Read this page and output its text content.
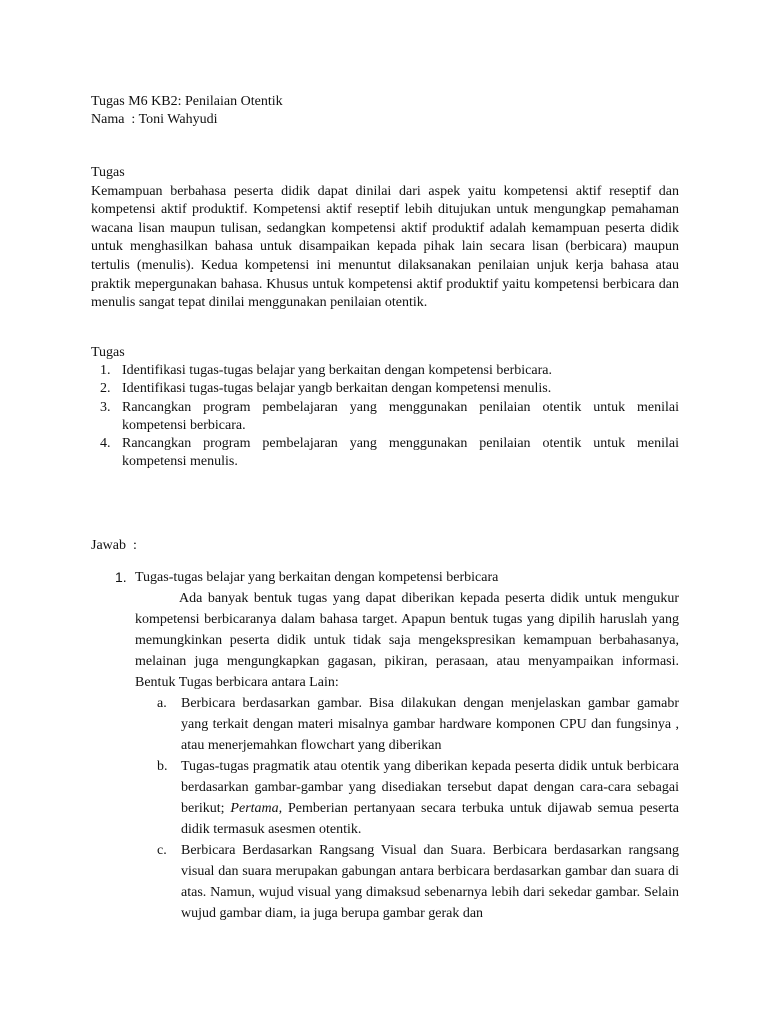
Tugas M6 KB2: Penilaian Otentik
Nama  : Toni Wahyudi
Tugas

Kemampuan berbahasa peserta didik dapat dinilai dari aspek yaitu kompetensi aktif reseptif dan kompetensi aktif produktif. Kompetensi aktif reseptif lebih ditujukan untuk mengungkap pemahaman wacana lisan maupun tulisan, sedangkan kompetensi aktif produktif adalah kemampuan peserta didik untuk menghasilkan bahasa untuk disampaikan kepada pihak lain secara lisan (berbicara) maupun tertulis (menulis). Kedua kompetensi ini menuntut dilaksanakan penilaian unjuk kerja bahasa atau praktik mepergunakan bahasa. Khusus untuk kompetensi aktif produktif yaitu kompetensi berbicara dan menulis sangat tepat dinilai menggunakan penilaian otentik.

Tugas
1. Identifikasi tugas-tugas belajar yang berkaitan dengan kompetensi berbicara.
2. Identifikasi tugas-tugas belajar yangb berkaitan dengan kompetensi menulis.
3. Rancangkan program pembelajaran yang menggunakan penilaian otentik untuk menilai kompetensi berbicara.
4. Rancangkan program pembelajaran yang menggunakan penilaian otentik untuk menilai kompetensi menulis.
Jawab  :
1. Tugas-tugas belajar yang berkaitan dengan kompetensi berbicara
Ada banyak bentuk tugas yang dapat diberikan kepada peserta didik untuk mengukur kompetensi berbicaranya dalam bahasa target. Apapun bentuk tugas yang dipilih haruslah yang memungkinkan peserta didik untuk tidak saja mengekspresikan kemampuan berbahasanya, melainan juga mengungkapkan gagasan, pikiran, perasaan, atau menyampaikan informasi. Bentuk Tugas berbicara antara Lain:
a. Berbicara berdasarkan gambar. Bisa dilakukan dengan menjelaskan gambar gamabr yang terkait dengan materi misalnya gambar hardware komponen CPU dan fungsinya , atau menerjemahkan flowchart yang diberikan
b. Tugas-tugas pragmatik atau otentik yang diberikan kepada peserta didik untuk berbicara berdasarkan gambar-gambar yang disediakan tersebut dapat dengan cara-cara sebagai berikut; Pertama, Pemberian pertanyaan secara terbuka untuk dijawab semua peserta didik termasuk asesmen otentik.
c. Berbicara Berdasarkan Rangsang Visual dan Suara. Berbicara berdasarkan rangsang visual dan suara merupakan gabungan antara berbicara berdasarkan gambar dan suara di atas. Namun, wujud visual yang dimaksud sebenarnya lebih dari sekedar gambar. Selain wujud gambar diam, ia juga berupa gambar gerak dan
